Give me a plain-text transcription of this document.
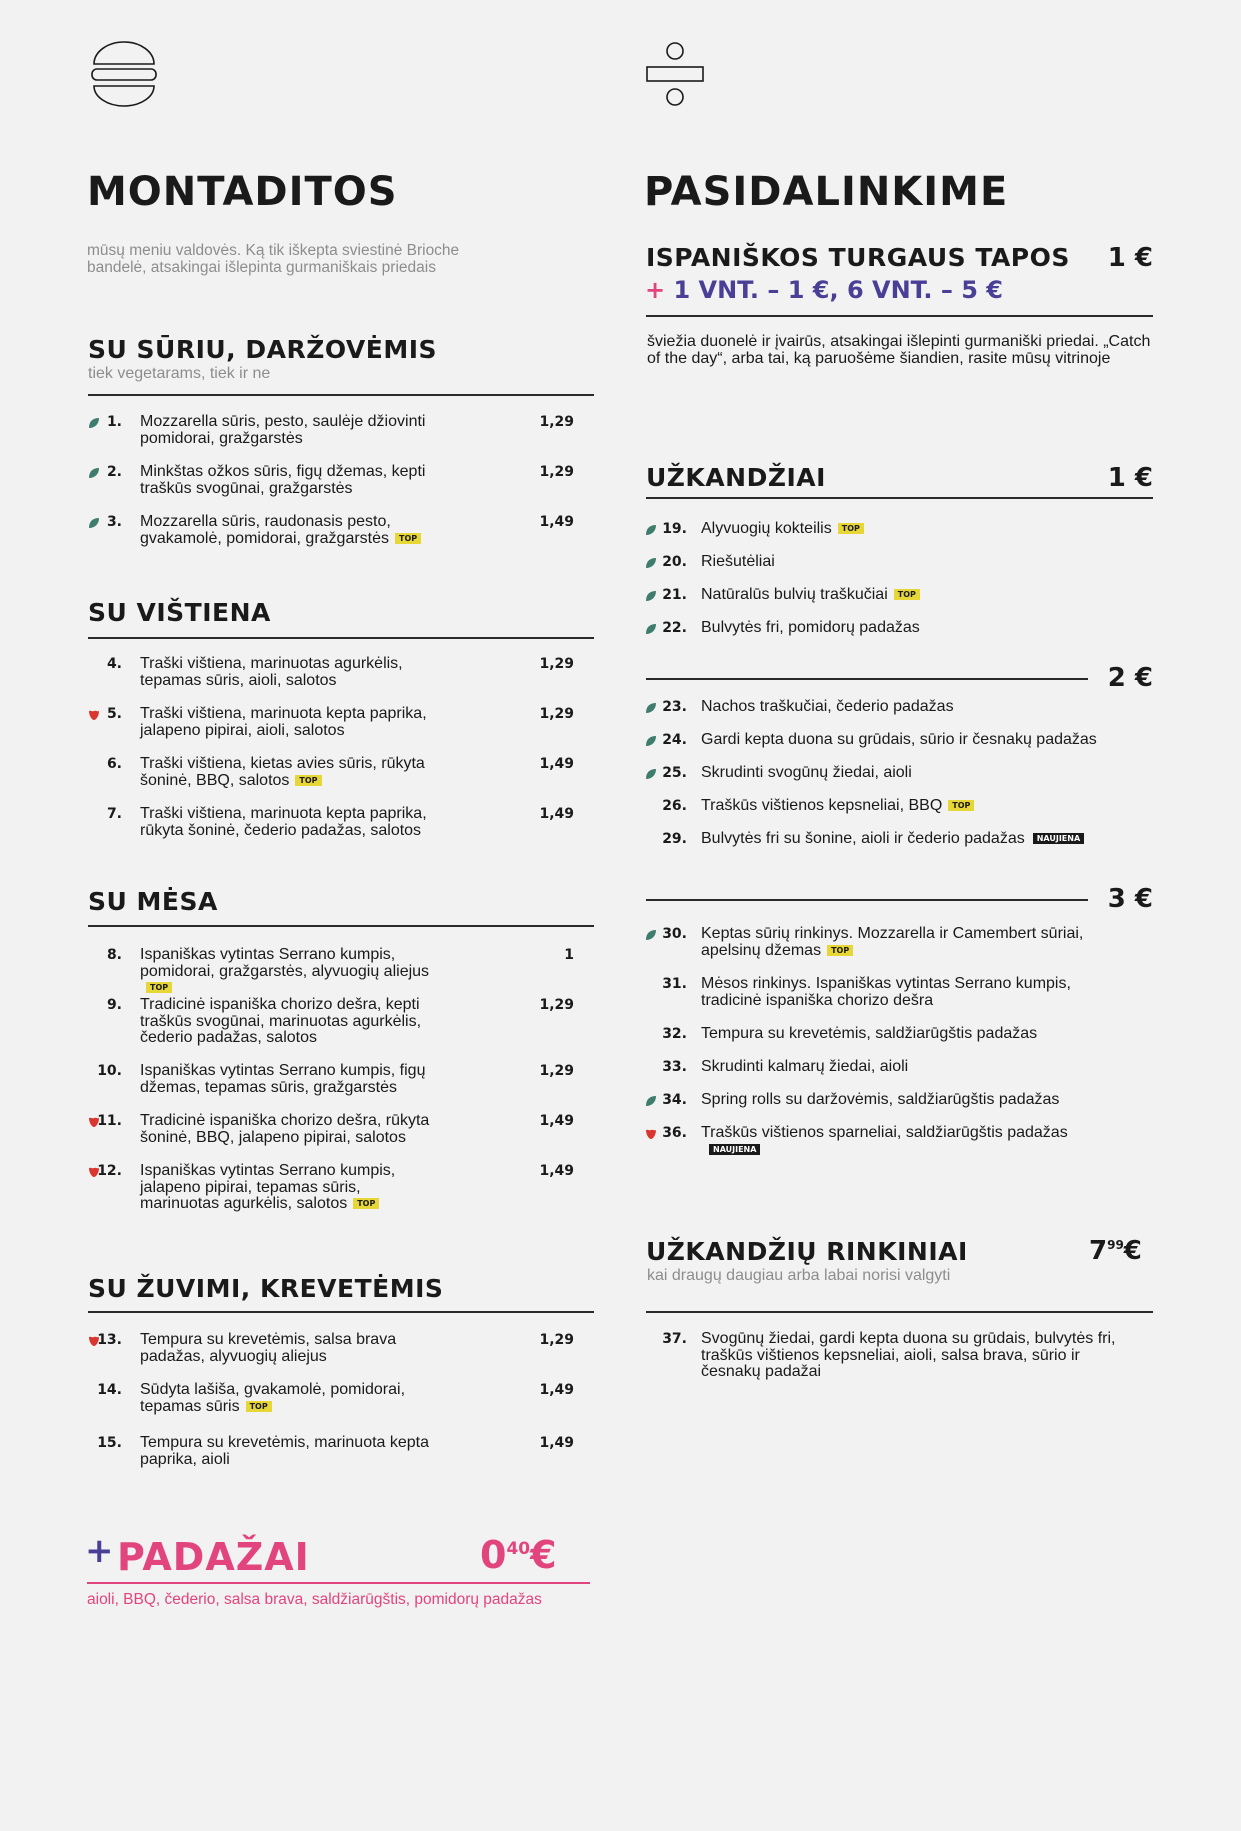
MONTADITOS

mūsų meniu valdovės. Ką tik iškepta sviestinė Brioche bandelė, atsakingai išlepinta gurmaniškais priedais

SU SŪRIU, DARŽOVĖMIS

tiek vegetarams, tiek ir ne

1. Mozzarella sūris, pesto, saulėje džiovinti pomidorai, gražgarstės
1,29
2. Minkštas ožkos sūris, figų džemas, kepti traškūs svogūnai, gražgarstės
1,29
3. Mozzarella sūris, raudonasis pesto, gvakamolė, pomidorai, gražgarstės TOP
1,49
SU VIŠTIENA
4. Traški vištiena, marinuotas agurkėlis, tepamas sūris, aioli, salotos
1,29
5. Traški vištiena, marinuota kepta paprika, jalapeno pipirai, aioli, salotos
1,29
6. Traški vištiena, kietas avies sūris, rūkyta šoninė, BBQ, salotos TOP
1,49
7. Traški vištiena, marinuota kepta paprika, rūkyta šoninė, čederio padažas, salotos
1,49
SU MĖSA
8. Ispaniškas vytintas Serrano kumpis, pomidorai, gražgarstės, alyvuogių aliejusTOP
1
9. Tradicinė ispaniška chorizo dešra, kepti traškūs svogūnai, marinuotas agurkėlis, čederio padažas, salotos
1,29
10. Ispaniškas vytintas Serrano kumpis, figų džemas, tepamas sūris, gražgarstės
1,29
11. Tradicinė ispaniška chorizo dešra, rūkyta šoninė, BBQ, jalapeno pipirai, salotos
1,49
12. Ispaniškas vytintas Serrano kumpis, jalapeno pipirai, tepamas sūris, marinuotas agurkėlis, salotos TOP
1,49
SU ŽUVIMI, KREVETĖMIS
13. Tempura su krevetėmis, salsa brava padažas, alyvuogių aliejus
1,29
14. Sūdyta lašiša, gvakamolė, pomidorai, tepamas sūris TOP
1,49
15. Tempura su krevetėmis, marinuota kepta paprika, aioli
1,49
+ PADAŽAI	$0^{40}€$

aioli, BBQ, čederio, salsa brava, saldžiarūgštis, pomidorų padažas

PASIDALINKIME
ISPANIŠKOS TURGAUS TAPOS 1 €
+ 1 VNT. – 1 €, 6 VNT. – 5 €

šviežia duonelė ir įvairūs, atsakingai išlepinti gurmaniški priedai. „Catch of the day“, arba tai, ką paruošėme šiandien, rasite mūsų vitrinoje

UŽKANDŽIAI	1 €
19. Alyvuogių kokteilis TOP
20. Riešutėliai
21. Natūralūs bulvių traškučiai TOP
22. Bulvytės fri, pomidorų padažas
2 €
23. Nachos traškučiai, čederio padažas
24. Gardi kepta duona su grūdais, sūrio ir česnakų padažas
25. Skrudinti svogūnų žiedai, aioli
26. Traškūs vištienos kepsneliai, BBQ TOP
29. Bulvytės fri su šonine, aioli ir čederio padažas NAUJIENA
3 €
30. Keptas sūrių rinkinys. Mozzarella ir Camembert sūriai, apelsinų džemas TOP
31. Mėsos rinkinys. Ispaniškas vytintas Serrano kumpis, tradicinė ispaniška chorizo dešra
32. Tempura su krevetėmis, saldžiarūgštis padažas
33. Skrudinti kalmarų žiedai, aioli
34. Spring rolls su daržovėmis, saldžiarūgštis padažas
36. Traškūs vištienos sparneliai, saldžiarūgštis padažasNAUJIENA
UŽKANDŽIŲ RINKINIAI	$7^{99}€$

kai draugų daugiau arba labai norisi valgyti

37. Svogūnų žiedai, gardi kepta duona su grūdais, bulvytės fri, traškūs vištienos kepsneliai, aioli, salsa brava, sūrio ir česnakų padažai
